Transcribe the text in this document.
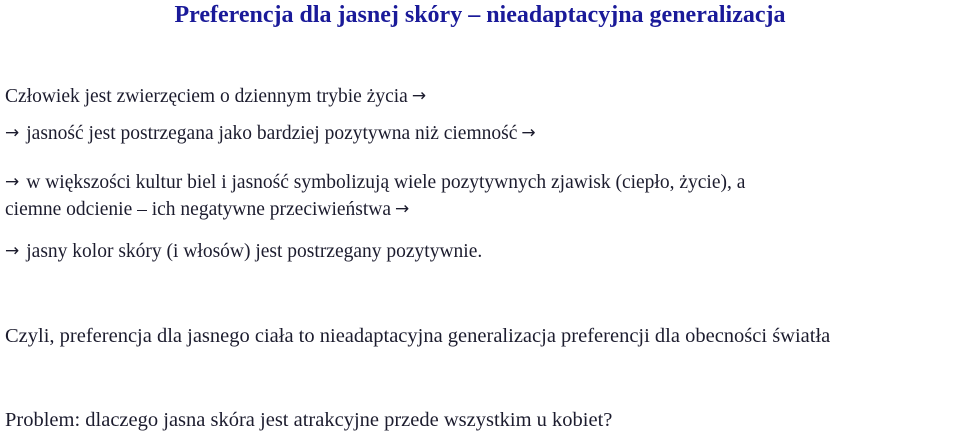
Preferencja dla jasnej skóry – nieadaptacyjna generalizacja
Człowiek jest zwierzęciem o dziennym trybie życia →
→ jasność jest postrzegana jako bardziej pozytywna niż ciemność →
→ w większości kultur biel i jasność symbolizują wiele pozytywnych zjawisk (ciepło, życie), a
ciemne odcienie – ich negatywne przeciwieństwa →
→ jasny kolor skóry (i włosów) jest postrzegany pozytywnie.
Czyli, preferencja dla jasnego ciała to nieadaptacyjna generalizacja preferencji dla obecności światła
Problem: dlaczego jasna skóra jest atrakcyjne przede wszystkim u kobiet?
